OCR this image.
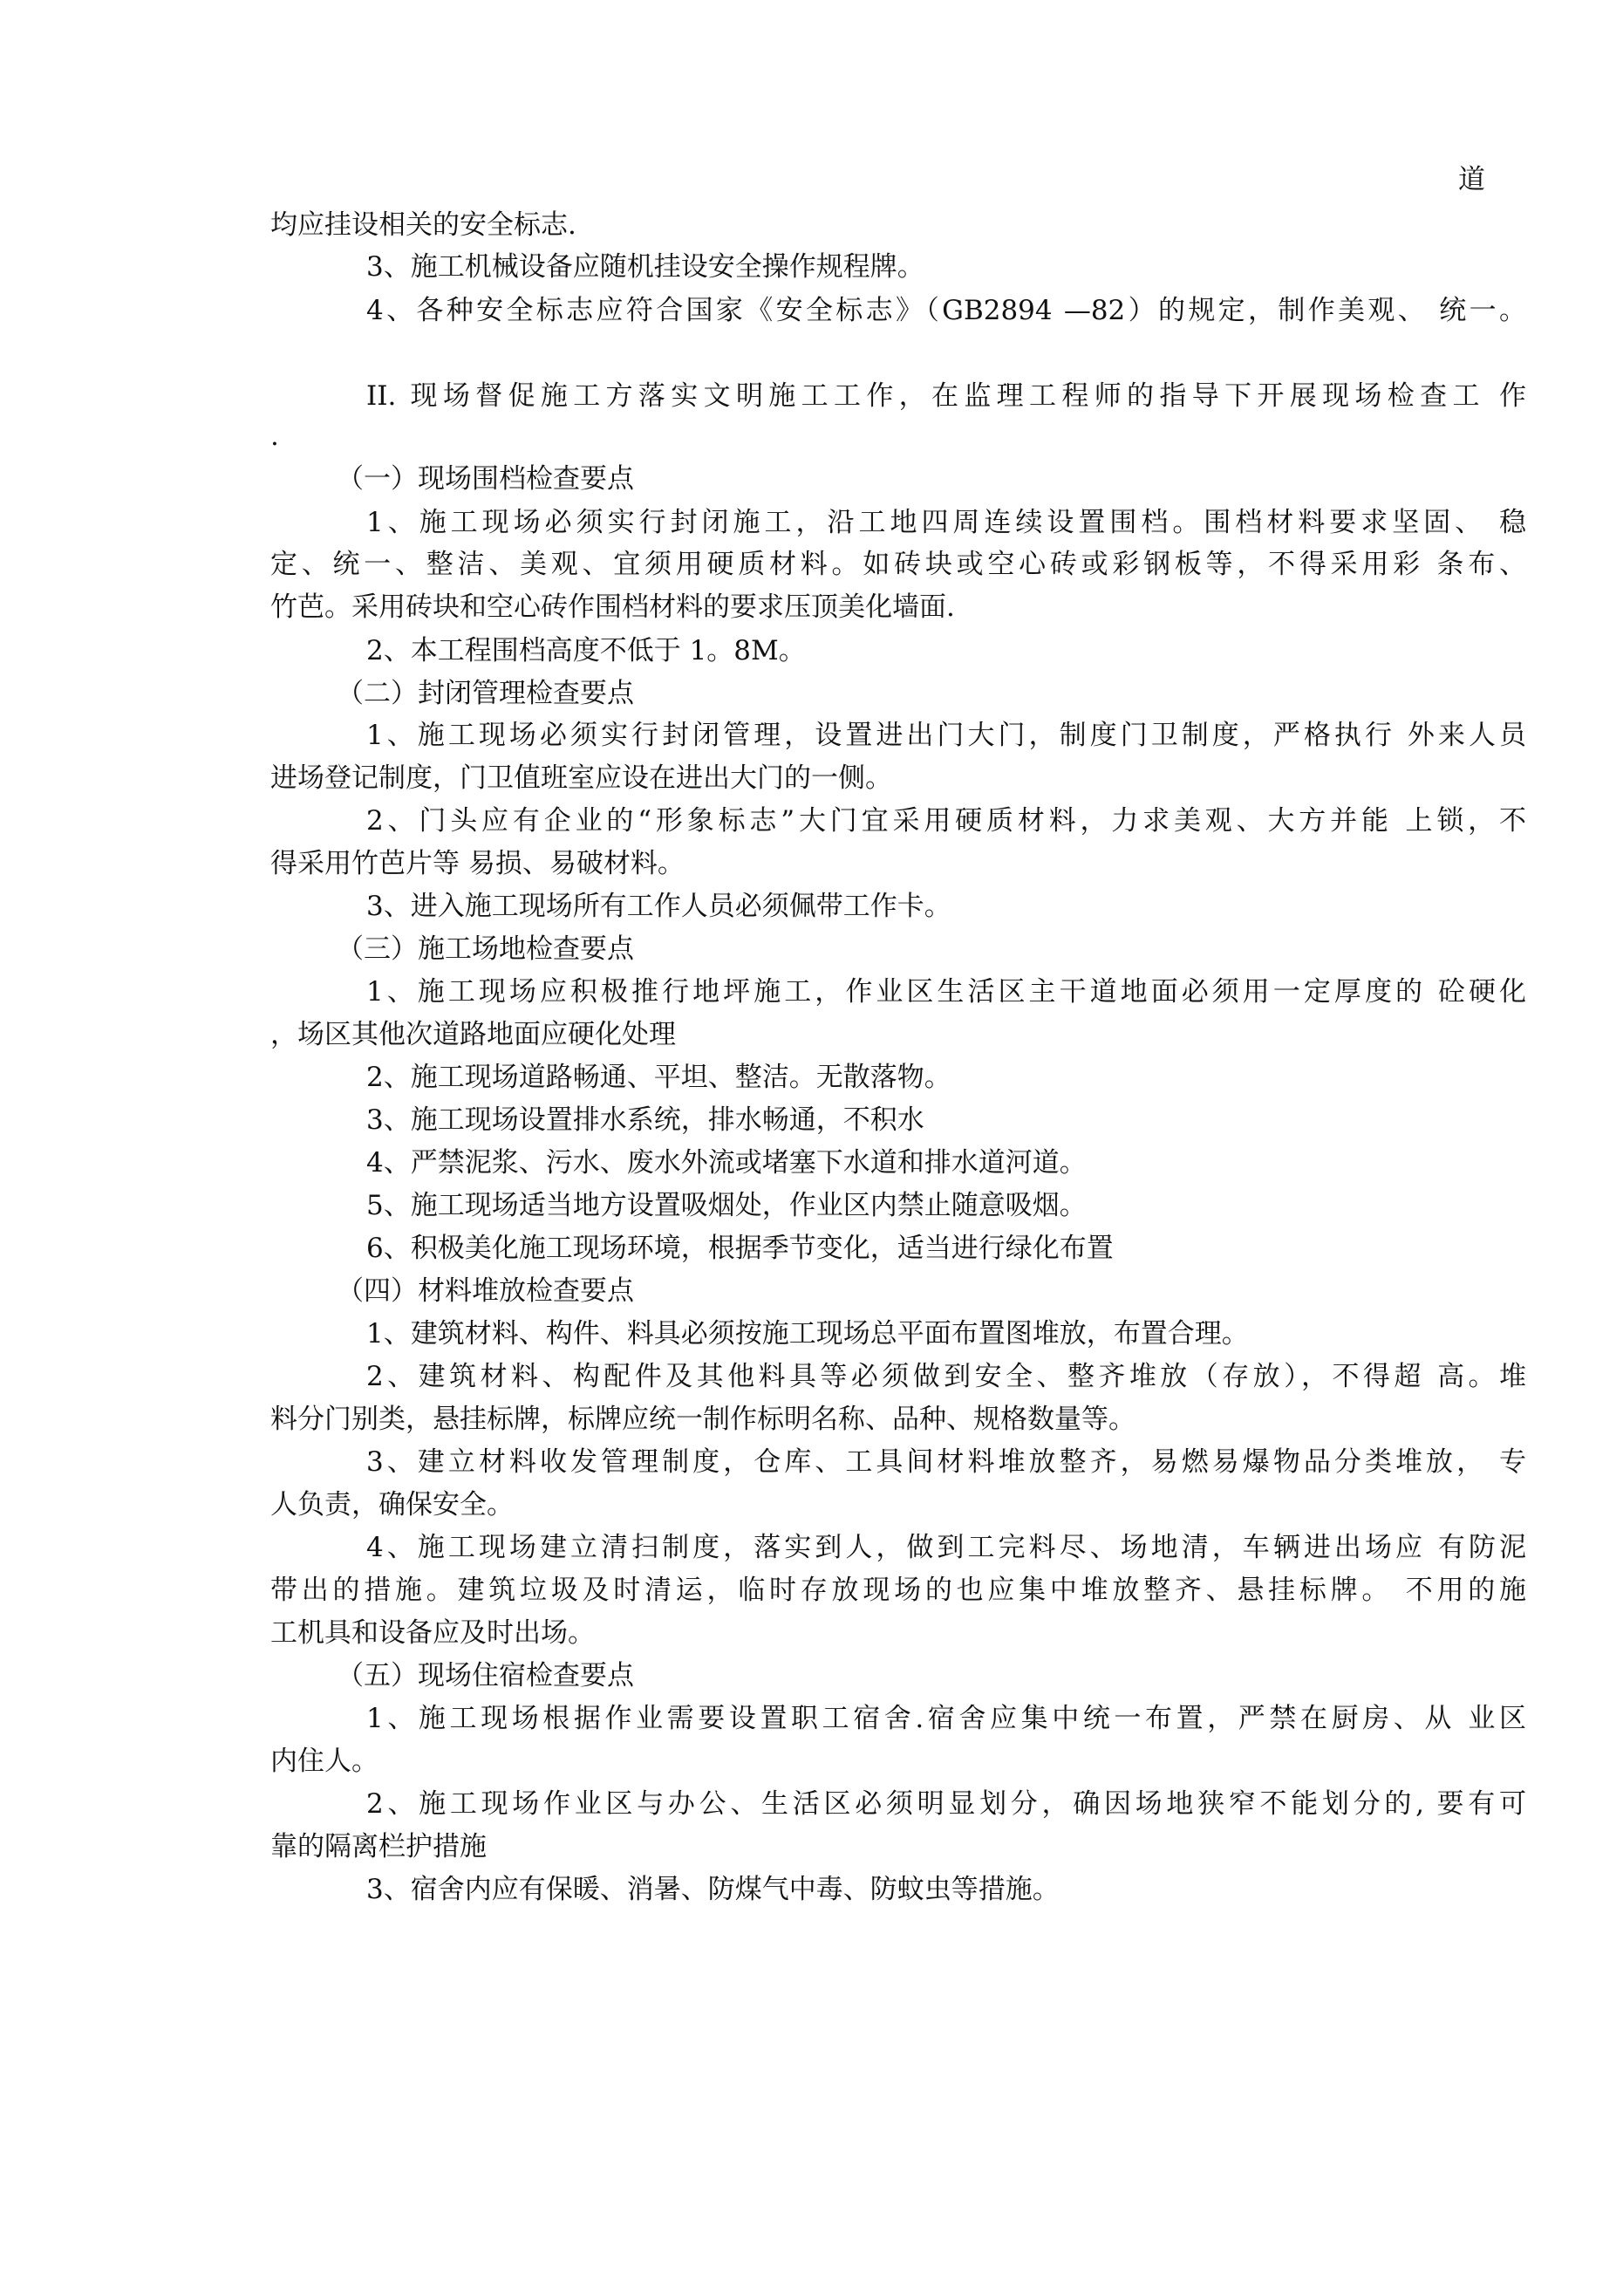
道
均应挂设相关的安全标志.
3、施工机械设备应随机挂设安全操作规程牌。
4、各种安全标志应符合国家《安全标志》（GB2894 —82）的规定，制作美观、 统一。
II. 现场督促施工方落实文明施工工作，在监理工程师的指导下开展现场检查工 作
.
（一）现场围档检查要点
1、施工现场必须实行封闭施工，沿工地四周连续设置围档。围档材料要求坚固、 稳
定、统一、整洁、美观、宜须用硬质材料。如砖块或空心砖或彩钢板等，不得采用彩 条布、
竹芭。采用砖块和空心砖作围档材料的要求压顶美化墙面.
2、本工程围档高度不低于 1。8M。
（二）封闭管理检查要点
1、施工现场必须实行封闭管理，设置进出门大门，制度门卫制度，严格执行 外来人员
进场登记制度，门卫值班室应设在进出大门的一侧。
2、门头应有企业的“形象标志”大门宜采用硬质材料，力求美观、大方并能 上锁，不
得采用竹芭片等 易损、易破材料。
3、进入施工现场所有工作人员必须佩带工作卡。
（三）施工场地检查要点
1、施工现场应积极推行地坪施工，作业区生活区主干道地面必须用一定厚度的 砼硬化
，场区其他次道路地面应硬化处理
2、施工现场道路畅通、平坦、整洁。无散落物。
3、施工现场设置排水系统，排水畅通，不积水
4、严禁泥浆、污水、废水外流或堵塞下水道和排水道河道。
5、施工现场适当地方设置吸烟处，作业区内禁止随意吸烟。
6、积极美化施工现场环境，根据季节变化，适当进行绿化布置
（四）材料堆放检查要点
1、建筑材料、构件、料具必须按施工现场总平面布置图堆放，布置合理。
2、建筑材料、构配件及其他料具等必须做到安全、整齐堆放（存放），不得超 高。堆
料分门别类，悬挂标牌，标牌应统一制作标明名称、品种、规格数量等。
3、建立材料收发管理制度，仓库、工具间材料堆放整齐，易燃易爆物品分类堆放， 专
人负责，确保安全。
4、施工现场建立清扫制度，落实到人，做到工完料尽、场地清，车辆进出场应 有防泥
带出的措施。建筑垃圾及时清运，临时存放现场的也应集中堆放整齐、悬挂标牌。 不用的施
工机具和设备应及时出场。
（五）现场住宿检查要点
1、施工现场根据作业需要设置职工宿舍.宿舍应集中统一布置，严禁在厨房、从 业区
内住人。
2、施工现场作业区与办公、生活区必须明显划分，确因场地狭窄不能划分的, 要有可
靠的隔离栏护措施
3、宿舍内应有保暖、消暑、防煤气中毒、防蚊虫等措施。
